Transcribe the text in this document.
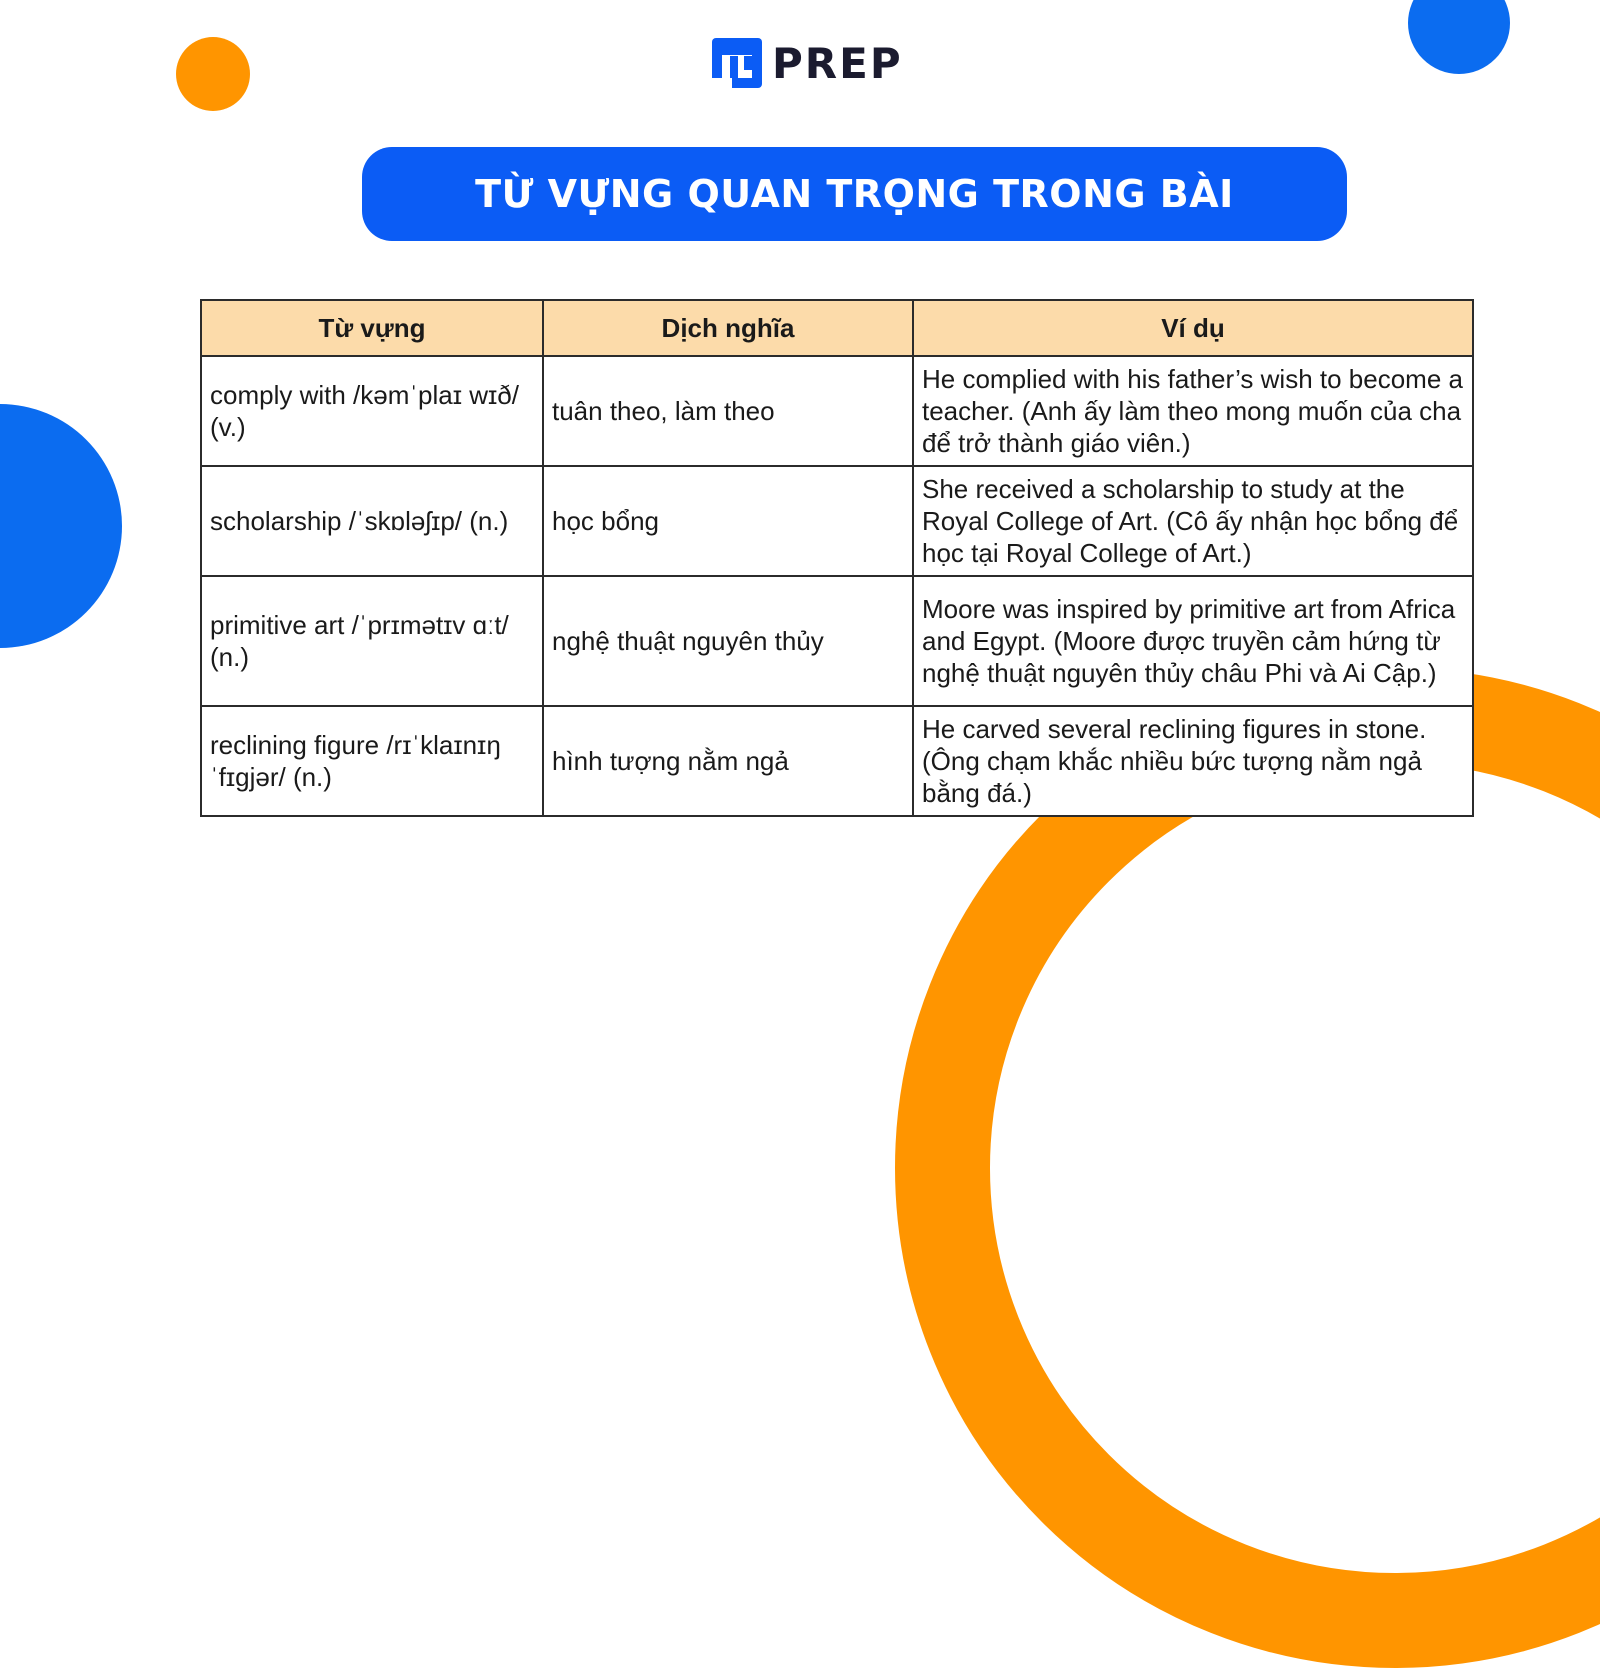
PREP
TỪ VỰNG QUAN TRỌNG TRONG BÀI
Từ vựng	Dịch nghĩa	Ví dụ
comply with /kəmˈplaɪ wɪð/ (v.)	tuân theo, làm theo	He complied with his father’s wish to become a teacher. (Anh ấy làm theo mong muốn của cha để trở thành giáo viên.)
scholarship /ˈskɒləʃɪp/ (n.)	học bổng	She received a scholarship to study at the Royal College of Art. (Cô ấy nhận học bổng để học tại Royal College of Art.)
primitive art /ˈprɪmətɪv ɑːt/ (n.)	nghệ thuật nguyên thủy	Moore was inspired by primitive art from Africa and Egypt. (Moore được truyền cảm hứng từ nghệ thuật nguyên thủy châu Phi và Ai Cập.)
reclining figure /rɪˈklaɪnɪŋ ˈfɪɡjər/ (n.)	hình tượng nằm ngả	He carved several reclining figures in stone. (Ông chạm khắc nhiều bức tượng nằm ngả bằng đá.)
